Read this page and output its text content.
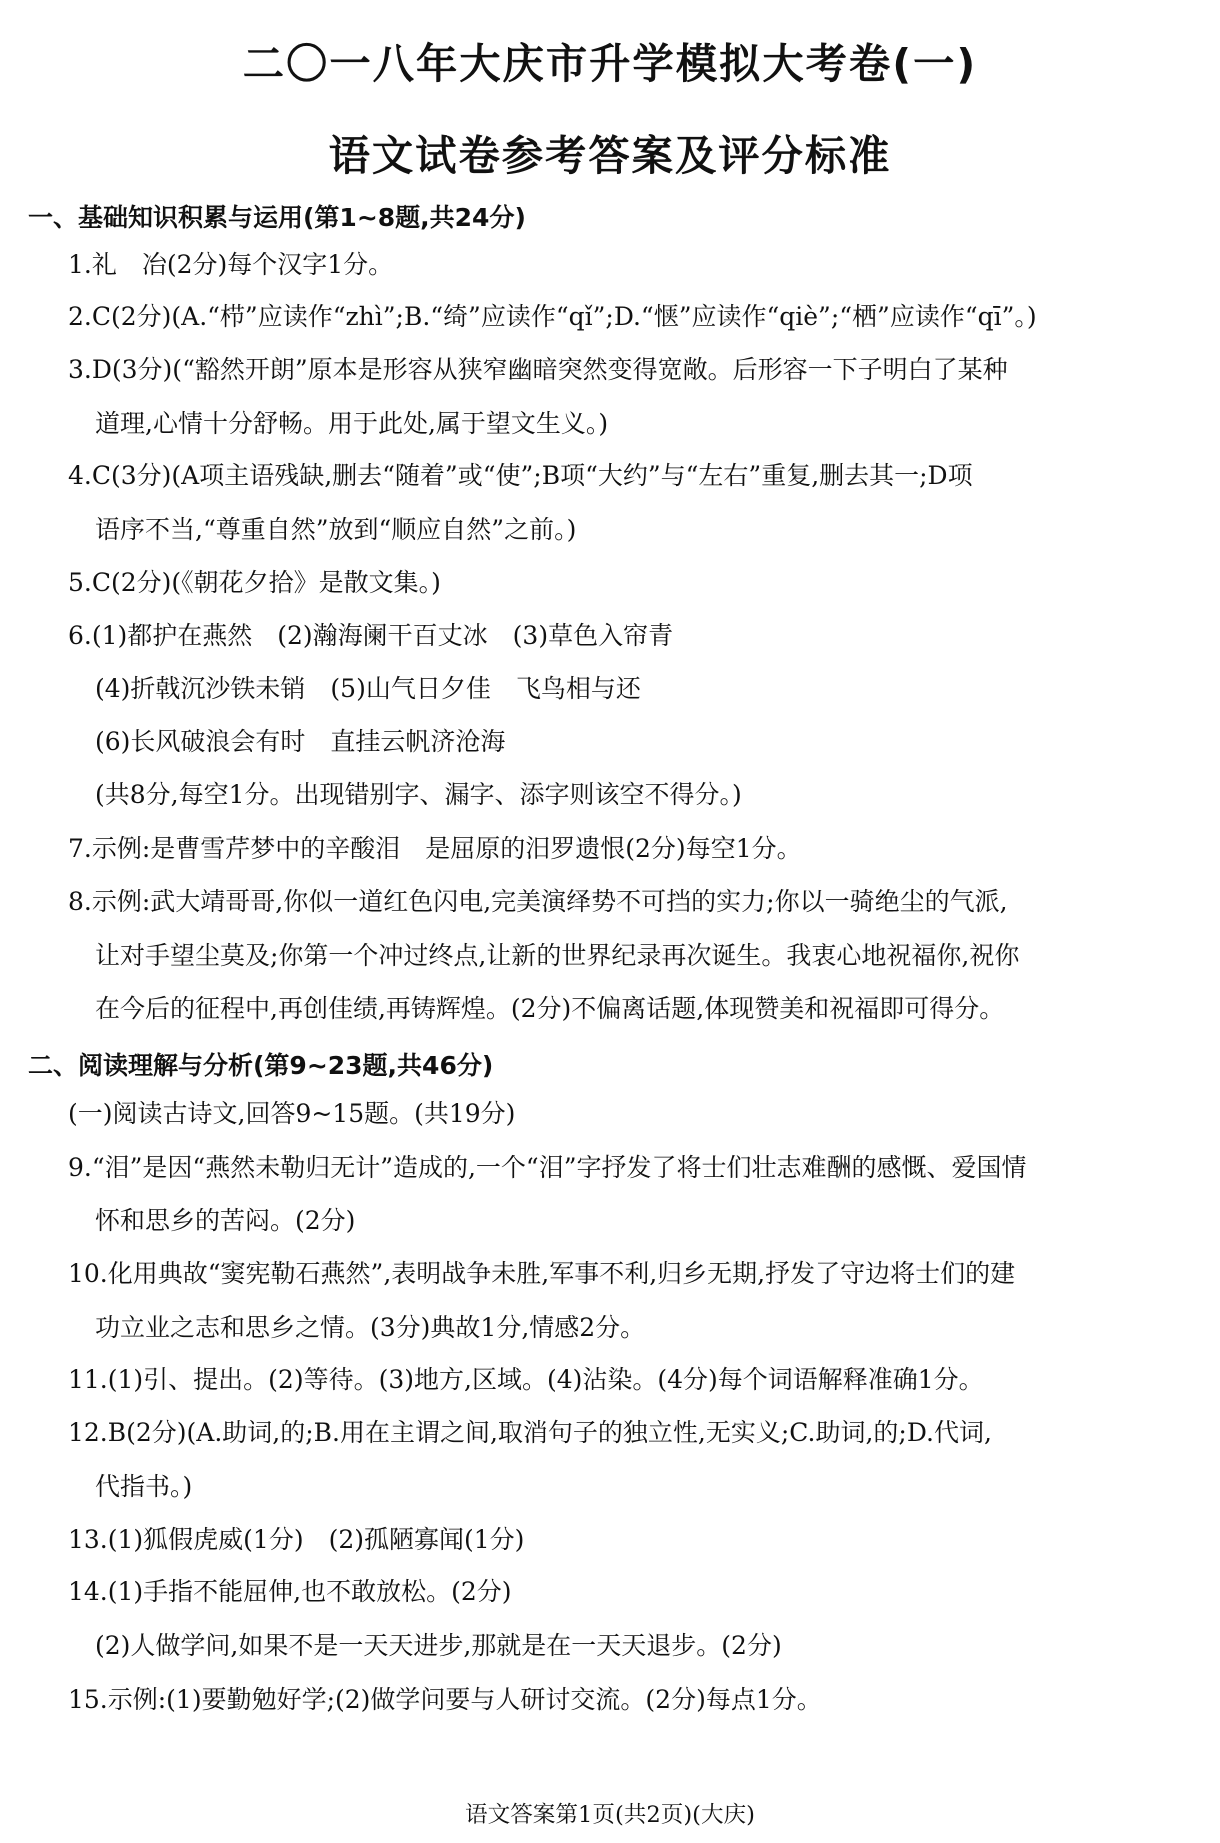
二〇一八年大庆市升学模拟大考卷(一)
语文试卷参考答案及评分标准
一、基础知识积累与运用(第1~8题,共24分)
1.礼　冶(2分)每个汉字1分。
2.C(2分)(A.“栉”应读作“zhì”;B.“绮”应读作“qǐ”;D.“惬”应读作“qiè”;“栖”应读作“qī”。)
3.D(3分)(“豁然开朗”原本是形容从狭窄幽暗突然变得宽敞。后形容一下子明白了某种
道理,心情十分舒畅。用于此处,属于望文生义。)
4.C(3分)(A项主语残缺,删去“随着”或“使”;B项“大约”与“左右”重复,删去其一;D项
语序不当,“尊重自然”放到“顺应自然”之前。)
5.C(2分)(《朝花夕拾》是散文集。)
6.(1)都护在燕然　(2)瀚海阑干百丈冰　(3)草色入帘青
(4)折戟沉沙铁未销　(5)山气日夕佳　飞鸟相与还
(6)长风破浪会有时　直挂云帆济沧海
(共8分,每空1分。出现错别字、漏字、添字则该空不得分。)
7.示例:是曹雪芹梦中的辛酸泪　是屈原的汨罗遗恨(2分)每空1分。
8.示例:武大靖哥哥,你似一道红色闪电,完美演绎势不可挡的实力;你以一骑绝尘的气派,
让对手望尘莫及;你第一个冲过终点,让新的世界纪录再次诞生。我衷心地祝福你,祝你
在今后的征程中,再创佳绩,再铸辉煌。(2分)不偏离话题,体现赞美和祝福即可得分。
二、阅读理解与分析(第9~23题,共46分)
(一)阅读古诗文,回答9~15题。(共19分)
9.“泪”是因“燕然未勒归无计”造成的,一个“泪”字抒发了将士们壮志难酬的感慨、爱国情
怀和思乡的苦闷。(2分)
10.化用典故“窦宪勒石燕然”,表明战争未胜,军事不利,归乡无期,抒发了守边将士们的建
功立业之志和思乡之情。(3分)典故1分,情感2分。
11.(1)引、提出。(2)等待。(3)地方,区域。(4)沾染。(4分)每个词语解释准确1分。
12.B(2分)(A.助词,的;B.用在主谓之间,取消句子的独立性,无实义;C.助词,的;D.代词,
代指书。)
13.(1)狐假虎威(1分)　(2)孤陋寡闻(1分)
14.(1)手指不能屈伸,也不敢放松。(2分)
(2)人做学问,如果不是一天天进步,那就是在一天天退步。(2分)
15.示例:(1)要勤勉好学;(2)做学问要与人研讨交流。(2分)每点1分。
语文答案第1页(共2页)(大庆)
